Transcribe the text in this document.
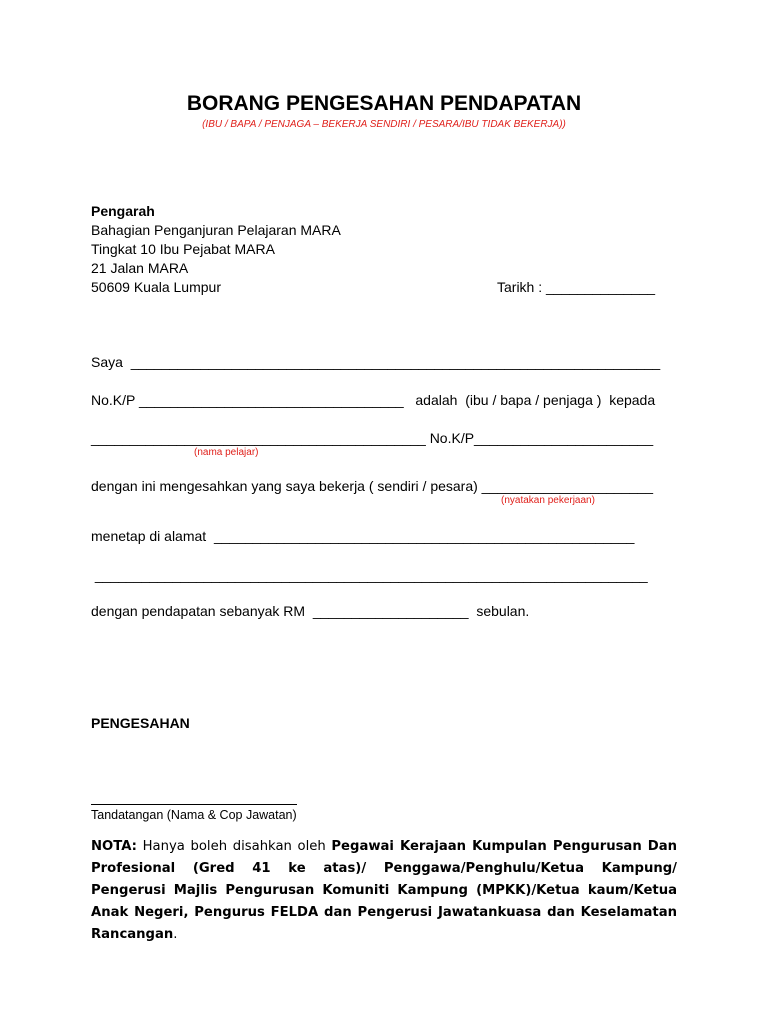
BORANG PENGESAHAN PENDAPATAN
(IBU / BAPA / PENJAGA – BEKERJA SENDIRI / PESARA/IBU TIDAK BEKERJA))
Pengarah
Bahagian Penganjuran Pelajaran MARA
Tingkat 10 Ibu Pejabat MARA
21 Jalan MARA
50609 Kuala Lumpur	Tarikh : ______________
Saya  ____________________________________________________________________
No.K/P __________________________________   adalah  (ibu / bapa / penjaga )  kepada
___________________________________________ No.K/P_______________________
(nama pelajar)
dengan ini mengesahkan yang saya bekerja ( sendiri / pesara) ______________________
(nyatakan pekerjaan)
menetap di alamat  ______________________________________________________
_______________________________________________________________________
dengan pendapatan sebanyak RM  ____________________  sebulan.
PENGESAHAN
Tandatangan (Nama & Cop Jawatan)
NOTA: Hanya boleh disahkan oleh Pegawai Kerajaan Kumpulan Pengurusan Dan Profesional (Gred 41 ke atas)/ Penggawa/Penghulu/Ketua Kampung/ Pengerusi Majlis Pengurusan Komuniti Kampung (MPKK)/Ketua kaum/Ketua Anak Negeri, Pengurus FELDA dan Pengerusi Jawatankuasa dan Keselamatan Rancangan.
